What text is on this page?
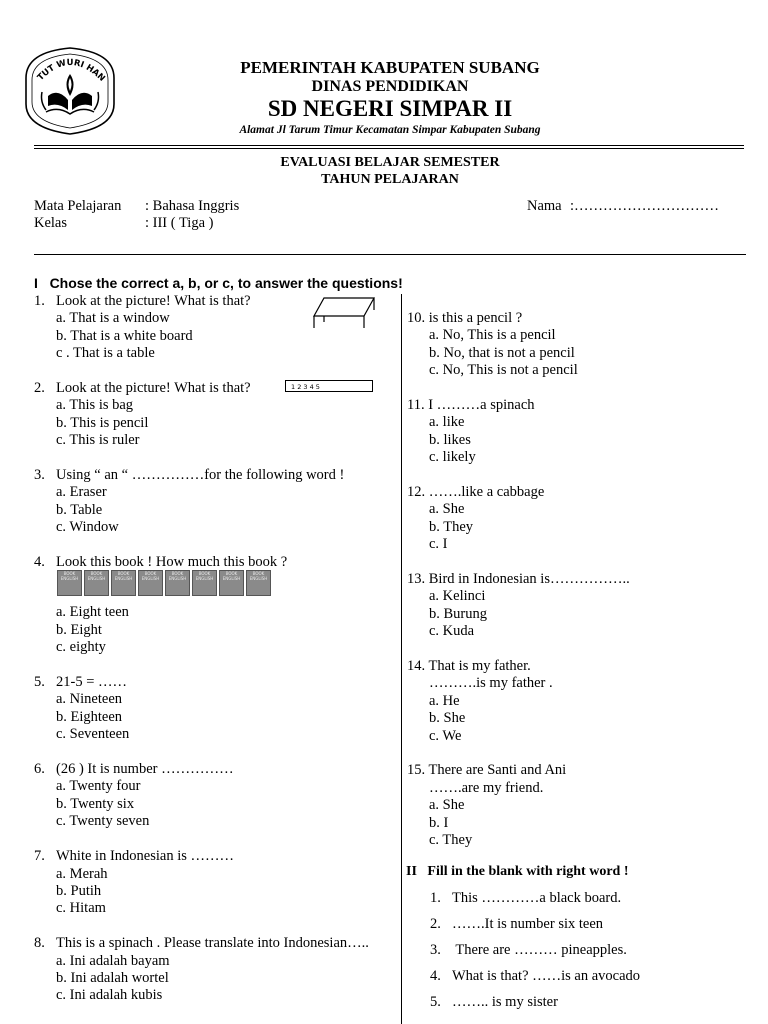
TUT WURI HAN
PEMERINTAH KABUPATEN SUBANG
DINAS PENDIDIKAN
SD NEGERI SIMPAR II
Alamat Jl Tarum Timur Kecamatan Simpar Kabupaten Subang
EVALUASI BELAJAR SEMESTER
TAHUN PELAJARAN
Mata Pelajaran : Bahasa Inggris
Kelas	: III ( Tiga )
Nama :…………………………
I Chose the correct a, b, or c, to answer the questions!
1. Look at the picture! What is that?
a. That is a window
b. That is a white board
c . That is a table
2. Look at the picture! What is that?
a. This is bag
b. This is pencil
c. This is ruler
3. Using “ an “ ……………for the following word !
a. Eraser
b. Table
c. Window
4. Look this book ! How much this book ?
a. Eight teen
b. Eight
c. eighty
5. 21-5 = ……
a. Nineteen
b. Eighteen
c. Seventeen
6. (26 ) It is number ……………
a. Twenty four
b. Twenty six
c. Twenty seven
7. White in Indonesian is ………
a. Merah
b. Putih
c. Hitam
8. This is a spinach . Please translate into Indonesian…..
a. Ini adalah bayam
b. Ini adalah wortel
c. Ini adalah kubis
1 2 3 4 5
BOOK ENGLISH
BOOK ENGLISH
BOOK ENGLISH
BOOK ENGLISH
BOOK ENGLISH
BOOK ENGLISH
BOOK ENGLISH
BOOK ENGLISH
10. is this a pencil ?
a. No, This is a pencil
b. No, that is not a pencil
c. No, This is not a pencil
11. I ………a spinach
a. like
b. likes
c. likely
12. …….like a cabbage
a. She
b. They
c. I
13. Bird in Indonesian is……………..
a. Kelinci
b. Burung
c. Kuda
14. That is my father.
……….is my father .
a. He
b. She
c. We
15. There are Santi and Ani
…….are my friend.
a. She
b. I
c. They
II Fill in the blank with right word !
1. This …………a black board.
2. …….It is number six teen
3. There are ……… pineapples.
4. What is that? ……is an avocado
5. …….. is my sister
